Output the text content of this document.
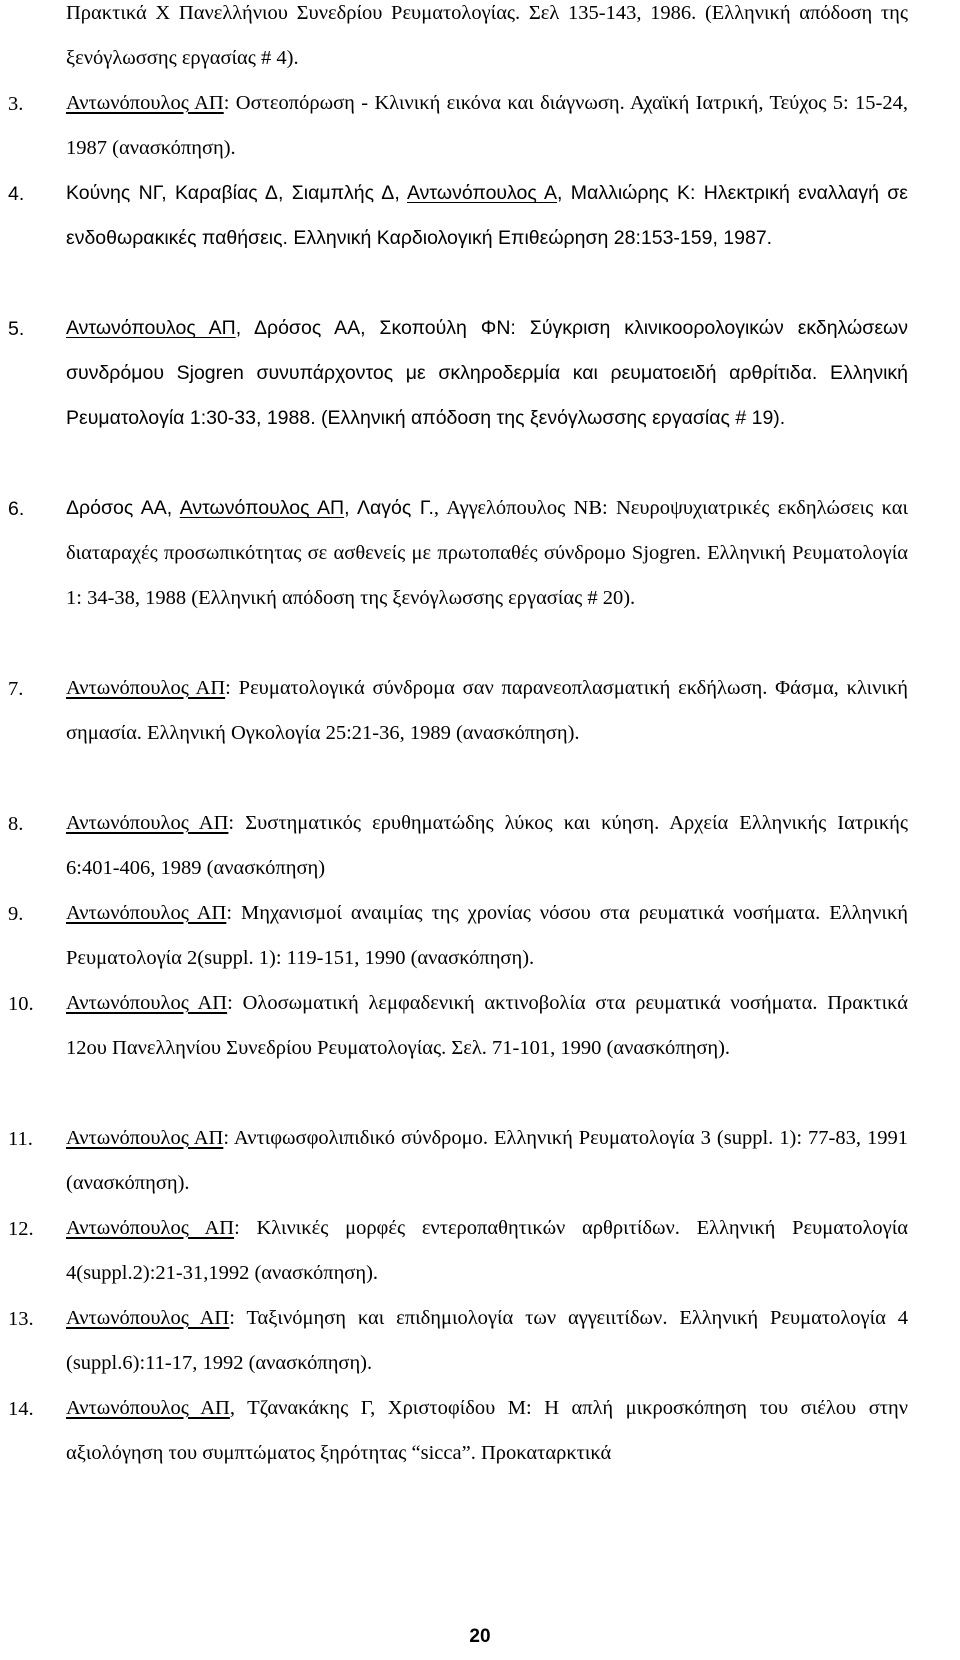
Πρακτικά Χ Πανελλήνιου Συνεδρίου Ρευματολογίας. Σελ 135-143, 1986. (Ελληνική απόδοση της ξενόγλωσσης εργασίας # 4).
3. Αντωνόπουλος ΑΠ: Οστεοπόρωση - Κλινική εικόνα και διάγνωση. Αχαϊκή Ιατρική, Τεύχος 5: 15-24, 1987 (ανασκόπηση).
4. Κούνης ΝΓ, Καραβίας Δ, Σιαμπλής Δ, Αντωνόπουλος Α, Μαλλιώρης Κ: Ηλεκτρική εναλλαγή σε ενδοθωρακικές παθήσεις. Ελληνική Καρδιολογική Επιθεώρηση 28:153-159, 1987.
5. Αντωνόπουλος ΑΠ, Δρόσος ΑΑ, Σκοπούλη ΦΝ: Σύγκριση κλινικοορολογικών εκδηλώσεων συνδρόμου Sjogren συνυπάρχοντος με σκληροδερμία και ρευματοειδή αρθρίτιδα. Ελληνική Ρευματολογία 1:30-33, 1988. (Ελληνική απόδοση της ξενόγλωσσης εργασίας # 19).
6. Δρόσος ΑΑ, Αντωνόπουλος ΑΠ, Λαγός Γ., Αγγελόπουλος ΝΒ: Νευροψυχιατρικές εκδηλώσεις και διαταραχές προσωπικότητας σε ασθενείς με πρωτοπαθές σύνδρομο Sjogren. Ελληνική Ρευματολογία 1: 34-38, 1988 (Ελληνική απόδοση της ξενόγλωσσης εργασίας # 20).
7. Αντωνόπουλος ΑΠ: Ρευματολογικά σύνδρομα σαν παρανεοπλασματική εκδήλωση. Φάσμα, κλινική σημασία. Ελληνική Ογκολογία 25:21-36, 1989 (ανασκόπηση).
8. Αντωνόπουλος ΑΠ: Συστηματικός ερυθηματώδης λύκος και κύηση. Αρχεία Ελληνικής Ιατρικής 6:401-406, 1989 (ανασκόπηση)
9. Αντωνόπουλος ΑΠ: Μηχανισμοί αναιμίας της χρονίας νόσου στα ρευματικά νοσήματα. Ελληνική Ρευματολογία 2(suppl. 1): 119-151, 1990 (ανασκόπηση).
10. Αντωνόπουλος ΑΠ: Ολοσωματική λεμφαδενική ακτινοβολία στα ρευματικά νοσήματα. Πρακτικά 12ου Πανελληνίου Συνεδρίου Ρευματολογίας. Σελ. 71-101, 1990 (ανασκόπηση).
11. Αντωνόπουλος ΑΠ: Αντιφωσφολιπιδικό σύνδρομο. Ελληνική Ρευματολογία 3 (suppl. 1): 77-83, 1991 (ανασκόπηση).
12. Αντωνόπουλος ΑΠ: Κλινικές μορφές εντεροπαθητικών αρθριτίδων. Ελληνική Ρευματολογία 4(suppl.2):21-31,1992 (ανασκόπηση).
13. Αντωνόπουλος ΑΠ: Ταξινόμηση και επιδημιολογία των αγγειιτίδων. Ελληνική Ρευματολογία 4 (suppl.6):11-17, 1992 (ανασκόπηση).
14. Αντωνόπουλος ΑΠ, Τζανακάκης Γ, Χριστοφίδου Μ: Η απλή μικροσκόπηση του σιέλου στην αξιολόγηση του συμπτώματος ξηρότητας “sicca”. Προκαταρκτικά
20
